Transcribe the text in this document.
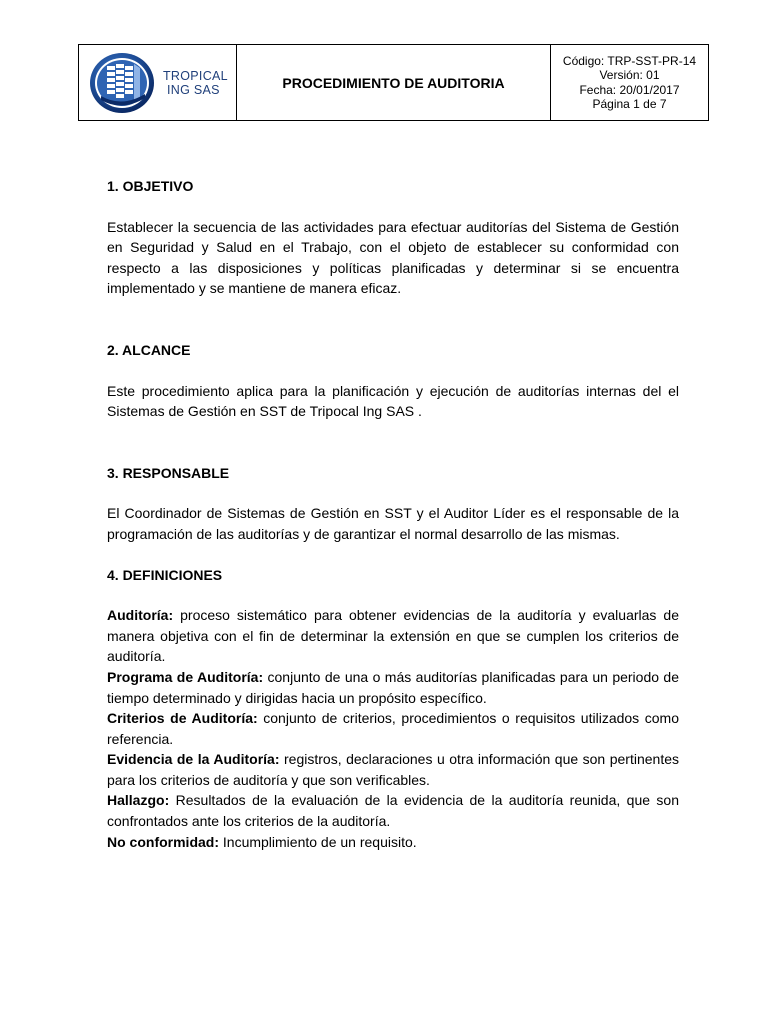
TROPICAL
ING SAS	PROCEDIMIENTO DE AUDITORIA
Código: TRP-SST-PR-14
Versión: 01
Fecha: 20/01/2017
Página 1 de 7

1. OBJETIVO

Establecer la secuencia de las actividades para efectuar auditorías del Sistema de Gestión en Seguridad y Salud en el Trabajo, con el objeto de establecer su conformidad con respecto a las disposiciones y políticas planificadas y determinar si se encuentra implementado y se mantiene de manera eficaz.

2. ALCANCE

Este procedimiento aplica para la planificación y ejecución de auditorías internas del el Sistemas de Gestión en SST de Tripocal Ing SAS .

3. RESPONSABLE

El Coordinador de Sistemas de Gestión en SST y el Auditor Líder es el responsable de la programación de las auditorías y de garantizar el normal desarrollo de las mismas.

4. DEFINICIONES

Auditoría: proceso sistemático para obtener evidencias de la auditoría y evaluarlas de manera objetiva con el fin de determinar la extensión en que se cumplen los criterios de auditoría.

Programa de Auditoría: conjunto de una o más auditorías planificadas para un periodo de tiempo determinado y dirigidas hacia un propósito específico.

Criterios de Auditoría: conjunto de criterios, procedimientos o requisitos utilizados como referencia.

Evidencia de la Auditoría: registros, declaraciones u otra información que son pertinentes para los criterios de auditoría y que son verificables.

Hallazgo: Resultados de la evaluación de la evidencia de la auditoría reunida, que son confrontados ante los criterios de la auditoría.

No conformidad: Incumplimiento de un requisito.
